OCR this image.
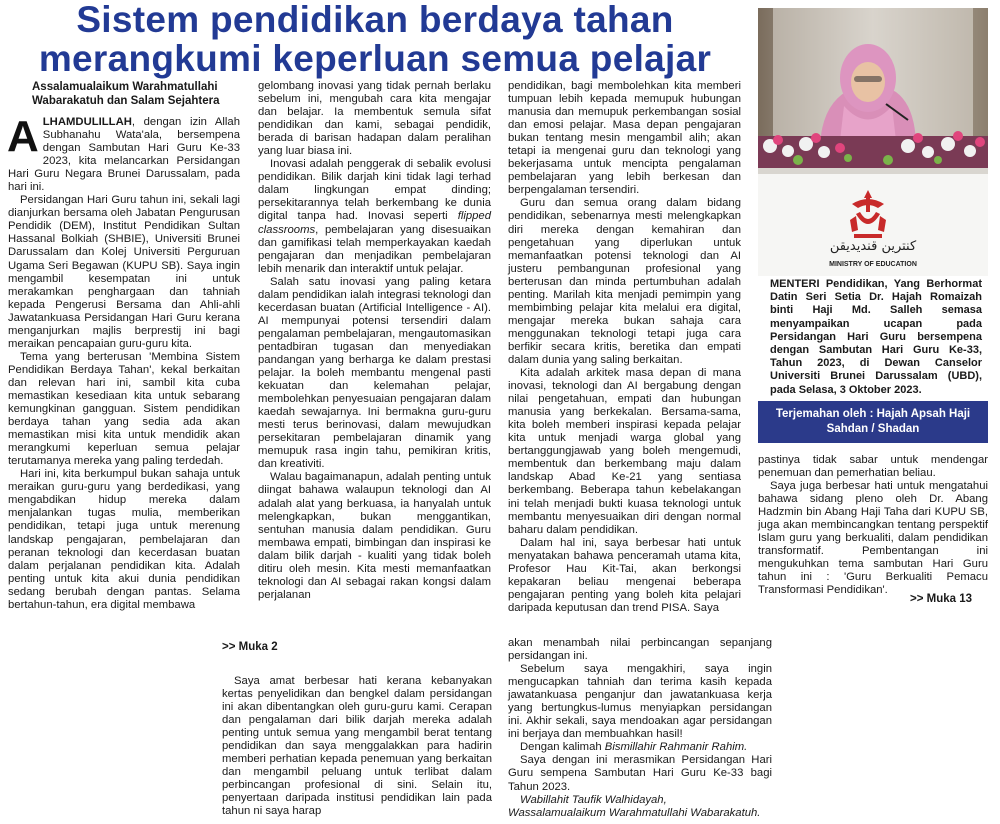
Sistem pendidikan berdaya tahan
merangkumi keperluan semua pelajar
Assalamualaikum Warahmatullahi Wabarakatuh dan Salam Sejahtera

ALHAMDULILLAH, dengan izin Allah Subhanahu Wata'ala, bersempena dengan Sambutan Hari Guru Ke-33 2023, kita melancarkan Persidangan Hari Guru Negara Brunei Darussalam, pada hari ini.

Persidangan Hari Guru tahun ini, sekali lagi dianjurkan bersama oleh Jabatan Pengurusan Pendidik (DEM), Institut Pendidikan Sultan Hassanal Bolkiah (SHBIE), Universiti Brunei Darussalam dan Kolej Universiti Perguruan Ugama Seri Begawan (KUPU SB). Saya ingin mengambil kesempatan ini untuk merakamkan penghargaan dan tahniah kepada Pengerusi Bersama dan Ahli-ahli Jawatankuasa Persidangan Hari Guru kerana menganjurkan majlis berprestij ini bagi meraikan pencapaian guru-guru kita.

Tema yang berterusan 'Membina Sistem Pendidikan Berdaya Tahan', kekal berkaitan dan relevan hari ini, sambil kita cuba memastikan kesediaan kita untuk sebarang kemungkinan gangguan. Sistem pendidikan berdaya tahan yang sedia ada akan memastikan misi kita untuk mendidik akan merangkumi keperluan semua pelajar terutamanya mereka yang paling terdedah.

Hari ini, kita berkumpul bukan sahaja untuk meraikan guru-guru yang berdedikasi, yang mengabdikan hidup mereka dalam menjalankan tugas mulia, memberikan pendidikan, tetapi juga untuk merenung landskap pengajaran, pembelajaran dan peranan teknologi dan kecerdasan buatan dalam perjalanan pendidikan kita. Adalah penting untuk kita akui dunia pendidikan sedang berubah dengan pantas. Selama bertahun-tahun, era digital membawa

gelombang inovasi yang tidak pernah berlaku sebelum ini, mengubah cara kita mengajar dan belajar. Ia membentuk semula sifat pendidikan dan kami, sebagai pendidik, berada di barisan hadapan dalam peralihan yang luar biasa ini.

Inovasi adalah penggerak di sebalik evolusi pendidikan. Bilik darjah kini tidak lagi terhad dalam lingkungan empat dinding; persekitarannya telah berkembang ke dunia digital tanpa had. Inovasi seperti flipped classrooms, pembelajaran yang disesuaikan dan gamifikasi telah memperkayakan kaedah pengajaran dan menjadikan pembelajaran lebih menarik dan interaktif untuk pelajar.

Salah satu inovasi yang paling ketara dalam pendidikan ialah integrasi teknologi dan kecerdasan buatan (Artificial Intelligence - AI). AI mempunyai potensi tersendiri dalam pengalaman pembelajaran, mengautomasikan pentadbiran tugasan dan menyediakan pandangan yang berharga ke dalam prestasi pelajar. Ia boleh membantu mengenal pasti kekuatan dan kelemahan pelajar, membolehkan penyesuaian pengajaran dalam kaedah sewajarnya. Ini bermakna guru-guru mesti terus berinovasi, dalam mewujudkan persekitaran pembelajaran dinamik yang memupuk rasa ingin tahu, pemikiran kritis, dan kreativiti.

Walau bagaimanapun, adalah penting untuk diingat bahawa walaupun teknologi dan AI adalah alat yang berkuasa, ia hanyalah untuk melengkapkan, bukan menggantikan, sentuhan manusia dalam pendidikan. Guru membawa empati, bimbingan dan inspirasi ke dalam bilik darjah - kualiti yang tidak boleh ditiru oleh mesin. Kita mesti memanfaatkan teknologi dan AI sebagai rakan kongsi dalam perjalanan

pendidikan, bagi membolehkan kita memberi tumpuan lebih kepada memupuk hubungan manusia dan memupuk perkembangan sosial dan emosi pelajar. Masa depan pengajaran bukan tentang mesin mengambil alih; akan tetapi ia mengenai guru dan teknologi yang bekerjasama untuk mencipta pengalaman pembelajaran yang lebih berkesan dan berpengalaman tersendiri.

Guru dan semua orang dalam bidang pendidikan, sebenarnya mesti melengkapkan diri mereka dengan kemahiran dan pengetahuan yang diperlukan untuk memanfaatkan potensi teknologi dan AI justeru pembangunan profesional yang berterusan dan minda pertumbuhan adalah penting. Marilah kita menjadi pemimpin yang membimbing pelajar kita melalui era digital, mengajar mereka bukan sahaja cara menggunakan teknologi tetapi juga cara berfikir secara kritis, beretika dan empati dalam dunia yang saling berkaitan.

Kita adalah arkitek masa depan di mana inovasi, teknologi dan AI bergabung dengan nilai pengetahuan, empati dan hubungan manusia yang berkekalan. Bersama-sama, kita boleh memberi inspirasi kepada pelajar kita untuk menjadi warga global yang bertanggungjawab yang boleh mengemudi, membentuk dan berkembang maju dalam landskap Abad Ke-21 yang sentiasa berkembang. Beberapa tahun kebelakangan ini telah menjadi bukti kuasa teknologi untuk membantu menyesuaikan diri dengan normal baharu dalam pendidikan.

Dalam hal ini, saya berbesar hati untuk menyatakan bahawa penceramah utama kita, Profesor Hau Kit-Tai, akan berkongsi kepakaran beliau mengenai beberapa pengajaran penting yang boleh kita pelajari daripada keputusan dan trend PISA. Saya

كنترين قنديديقن
MINISTRY OF EDUCATION
MENTERI Pendidikan, Yang Berhormat Datin Seri Setia Dr. Hajah Romaizah binti Haji Md. Salleh semasa menyampaikan ucapan pada Persidangan Hari Guru bersempena dengan Sambutan Hari Guru Ke-33, Tahun 2023, di Dewan Canselor Universiti Brunei Darussalam (UBD), pada Selasa, 3 Oktober 2023.
Terjemahan oleh : Hajah Apsah Haji
Sahdan / Shadan

pastinya tidak sabar untuk mendengar penemuan dan pemerhatian beliau.

Saya juga berbesar hati untuk mengatahui bahawa sidang pleno oleh Dr. Abang Hadzmin bin Abang Haji Taha dari KUPU SB, juga akan membincangkan tentang perspektif Islam guru yang berkualiti, dalam pendidikan transformatif. Pembentangan ini mengukuhkan tema sambutan Hari Guru tahun ini : 'Guru Berkualiti Pemacu Transformasi Pendidikan'.

>> Muka 13
>> Muka 2

Saya amat berbesar hati kerana kebanyakan kertas penyelidikan dan bengkel dalam persidangan ini akan dibentangkan oleh guru-guru kami. Cerapan dan pengalaman dari bilik darjah mereka adalah penting untuk semua yang mengambil berat tentang pendidikan dan saya menggalakkan para hadirin memberi perhatian kepada penemuan yang berkaitan dan mengambil peluang untuk terlibat dalam perbincangan profesional di sini. Selain itu, penyertaan daripada institusi pendidikan lain pada tahun ni saya harap

akan menambah nilai perbincangan sepanjang persidangan ini.

Sebelum saya mengakhiri, saya ingin mengucapkan tahniah dan terima kasih kepada jawatankuasa penganjur dan jawatankuasa kerja yang bertungkus-lumus menyiapkan persidangan ini. Akhir sekali, saya mendoakan agar persidangan ini berjaya dan membuahkan hasil!

Dengan kalimah Bismillahir Rahmanir Rahim.

Saya dengan ini merasmikan Persidangan Hari Guru sempena Sambutan Hari Guru Ke-33 bagi Tahun 2023.

Wabillahit Taufik Walhidayah,

Wassalamualaikum Warahmatullahi Wabarakatuh.
